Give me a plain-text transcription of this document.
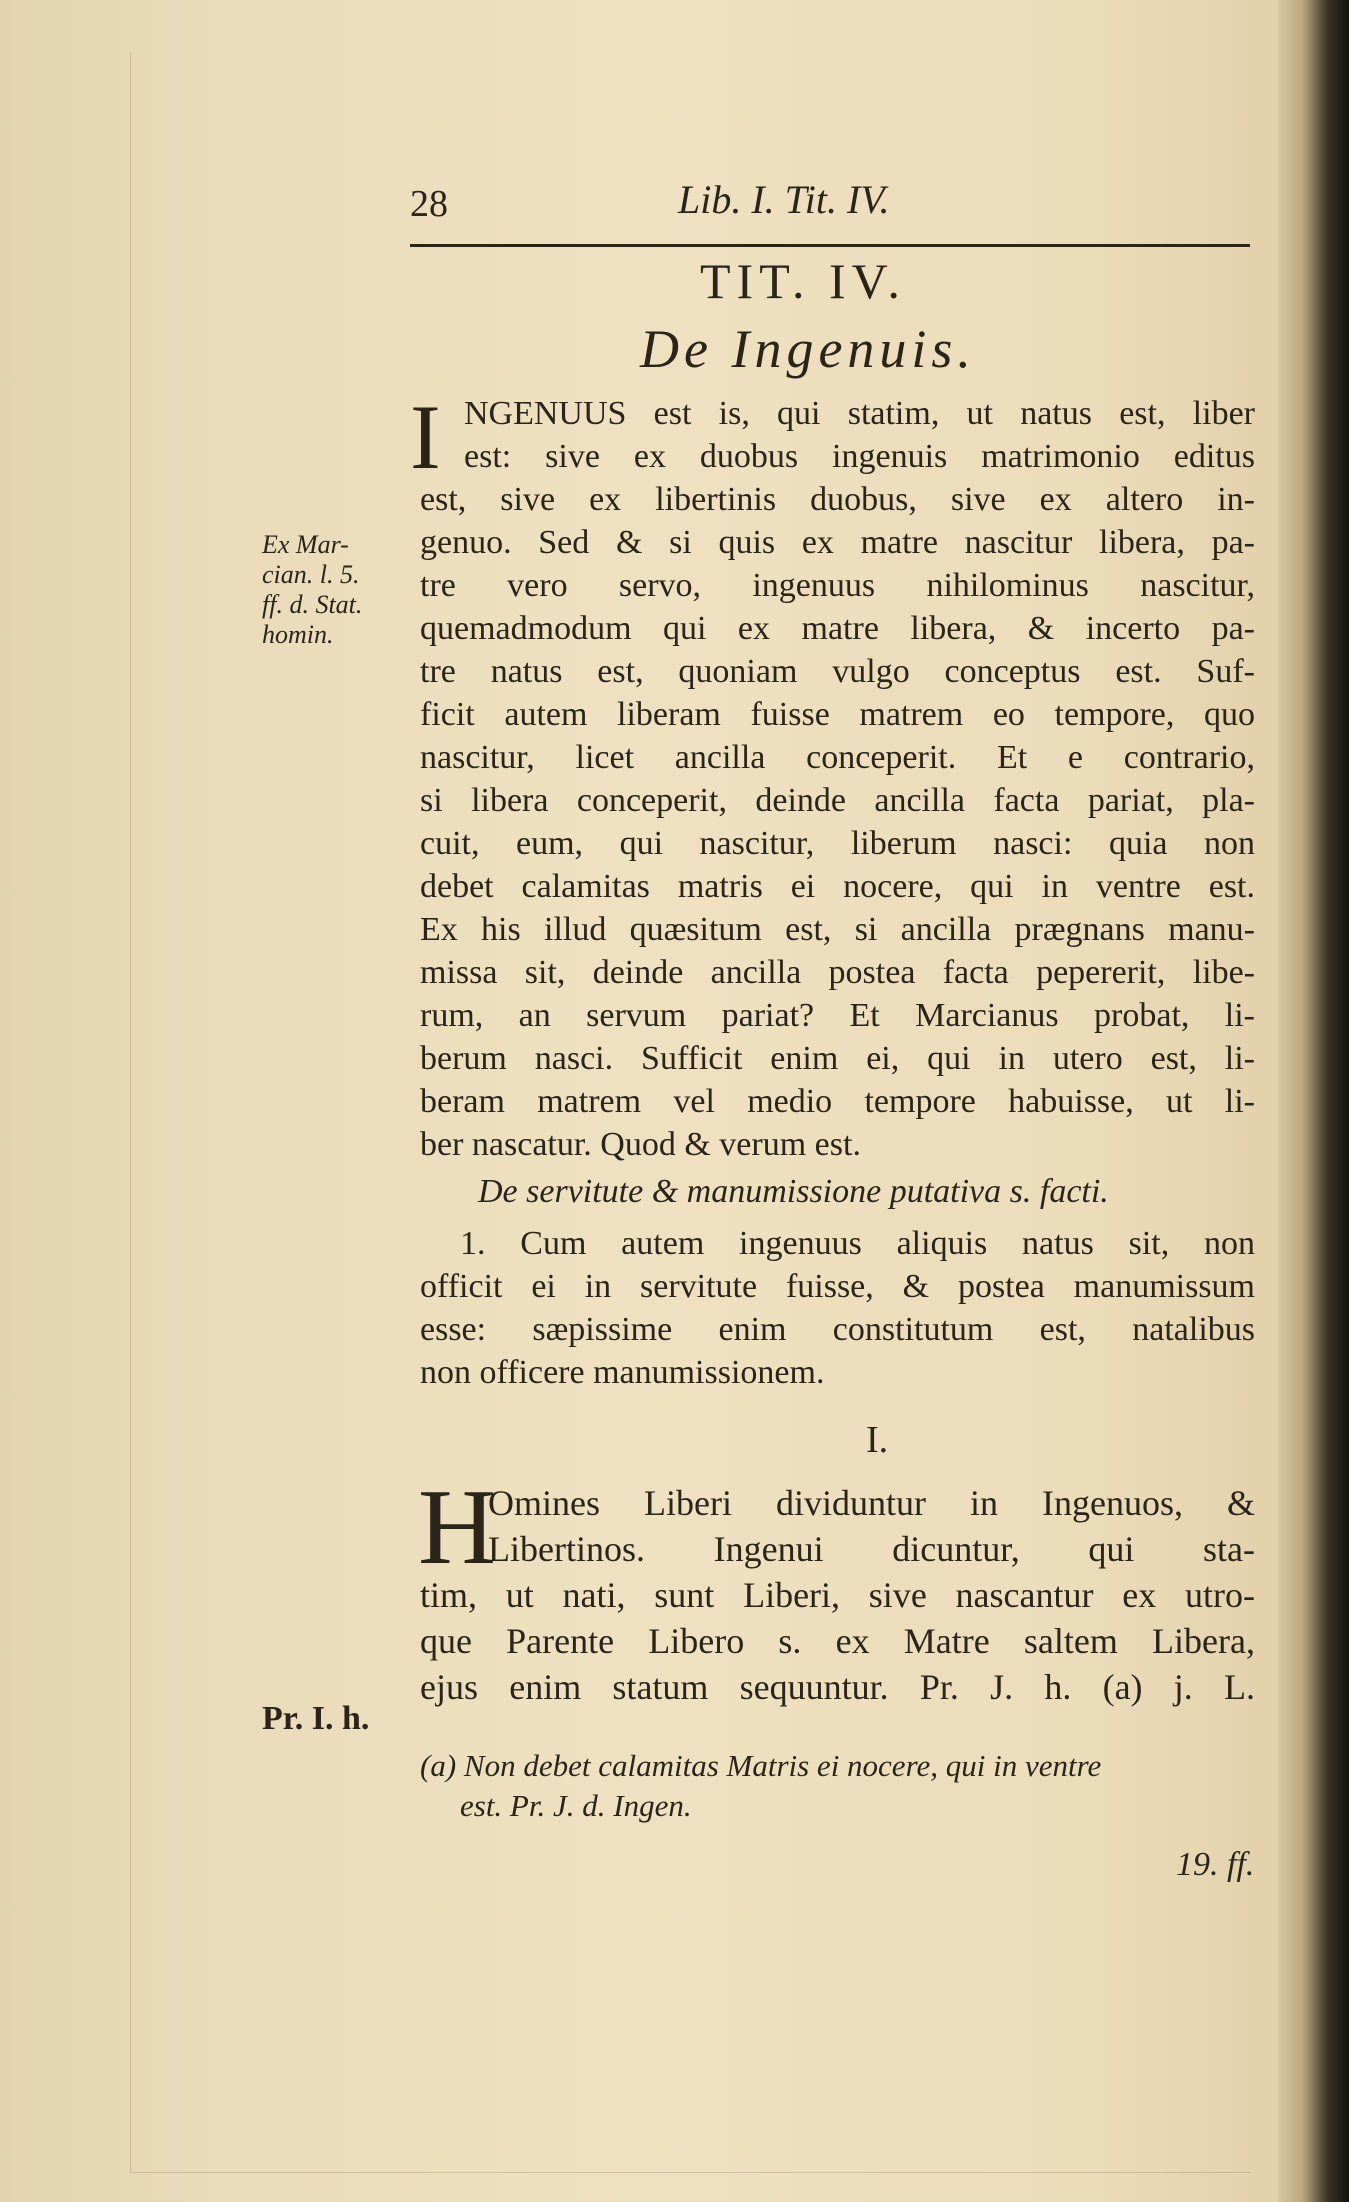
28	Lib. I. Tit. IV.
TIT. IV.
De Ingenuis.
I NGENUUS est is, qui statim, ut natus est, liber
est: sive ex duobus ingenuis matrimonio editus
est, sive ex libertinis duobus, sive ex altero in-
genuo. Sed & si quis ex matre nascitur libera, pa-
tre vero servo, ingenuus nihilominus nascitur,
quemadmodum qui ex matre libera, & incerto pa-
tre natus est, quoniam vulgo conceptus est. Suf-
ficit autem liberam fuisse matrem eo tempore, quo
nascitur, licet ancilla conceperit. Et e contrario,
si libera conceperit, deinde ancilla facta pariat, pla-
cuit, eum, qui nascitur, liberum nasci: quia non
debet calamitas matris ei nocere, qui in ventre est.
Ex his illud quæsitum est, si ancilla prægnans manu-
missa sit, deinde ancilla postea facta pepererit, libe-
rum, an servum pariat? Et Marcianus probat, li-
berum nasci. Sufficit enim ei, qui in utero est, li-
beram matrem vel medio tempore habuisse, ut li-
ber nascatur. Quod & verum est.
Ex Mar-
cian. l. 5.
ff. d. Stat.
homin.
De servitute & manumissione putativa s. facti.
1. Cum autem ingenuus aliquis natus sit, non
officit ei in servitute fuisse, & postea manumissum
esse: sæpissime enim constitutum est, natalibus
non officere manumissionem.
I.
H
Omines Liberi dividuntur in Ingenuos, &
Libertinos. Ingenui dicuntur, qui sta-
tim, ut nati, sunt Liberi, sive nascantur ex utro-
que Parente Libero s. ex Matre saltem Libera,
ejus enim statum sequuntur. Pr. J. h. (a) j. L.
Pr. I. h.
(a) Non debet calamitas Matris ei nocere, qui in ventre
est. Pr. J. d. Ingen.
19. ff.
